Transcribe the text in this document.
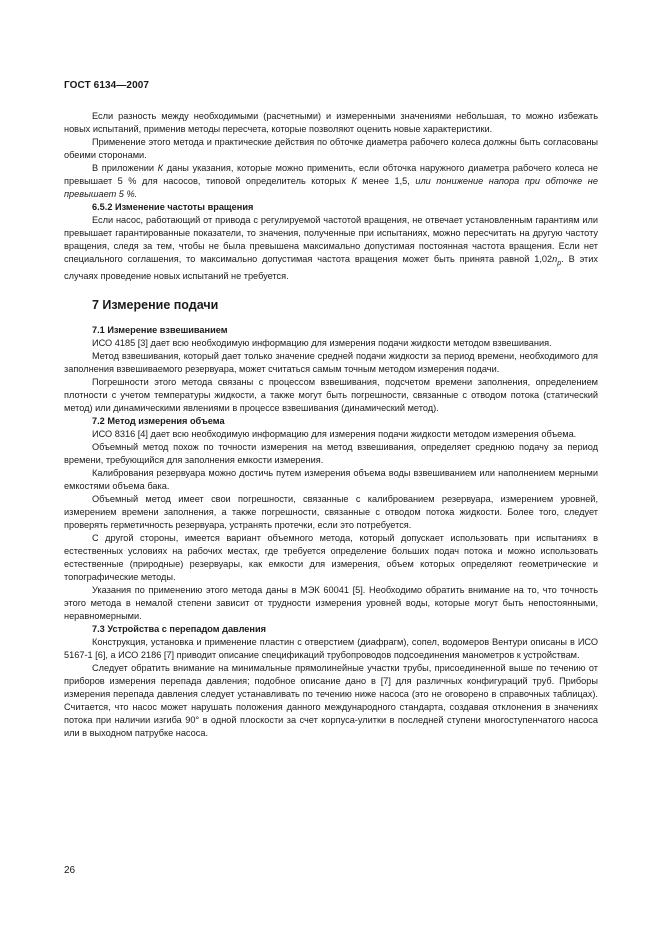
ГОСТ 6134—2007

Если разность между необходимыми (расчетными) и измеренными значениями небольшая, то можно избежать новых испытаний, применив методы пересчета, которые позволяют оценить новые характеристики.

Применение этого метода и практические действия по обточке диаметра рабочего колеса должны быть согласованы обеими сторонами.

В приложении К даны указания, которые можно применить, если обточка наружного диаметра рабочего колеса не превышает 5 % для насосов, типовой определитель которых К менее 1,5, или понижение напора при обточке не превышает 5 %.

6.5.2 Изменение частоты вращения

Если насос, работающий от привода с регулируемой частотой вращения, не отвечает установленным гарантиям или превышает гарантированные показатели, то значения, полученные при испытаниях, можно пересчитать на другую частоту вращения, следя за тем, чтобы не была превышена максимально допустимая постоянная частота вращения. Если нет специального соглашения, то максимально допустимая частота вращения может быть принята равной $1,02n_p$. В этих случаях проведение новых испытаний не требуется.

7 Измерение подачи
7.1 Измерение взвешиванием

ИСО 4185 [3] дает всю необходимую информацию для измерения подачи жидкости методом взвешивания.

Метод взвешивания, который дает только значение средней подачи жидкости за период времени, необходимого для заполнения взвешиваемого резервуара, может считаться самым точным методом измерения подачи.

Погрешности этого метода связаны с процессом взвешивания, подсчетом времени заполнения, определением плотности с учетом температуры жидкости, а также могут быть погрешности, связанные с отводом потока (статический метод) или динамическими явлениями в процессе взвешивания (динамический метод).

7.2 Метод измерения объема

ИСО 8316 [4] дает всю необходимую информацию для измерения подачи жидкости методом измерения объема.

Объемный метод похож по точности измерения на метод взвешивания, определяет среднюю подачу за период времени, требующийся для заполнения емкости измерения.

Калибрования резервуара можно достичь путем измерения объема воды взвешиванием или наполнением мерными емкостями объема бака.

Объемный метод имеет свои погрешности, связанные с калиброванием резервуара, измерением уровней, измерением времени заполнения, а также погрешности, связанные с отводом потока жидкости. Более того, следует проверять герметичность резервуара, устранять протечки, если это потребуется.

С другой стороны, имеется вариант объемного метода, который допускает использовать при испытаниях в естественных условиях на рабочих местах, где требуется определение больших подач потока и можно использовать естественные (природные) резервуары, как емкости для измерения, объем которых определяют геометрические и топографические методы.

Указания по применению этого метода даны в МЭК 60041 [5]. Необходимо обратить внимание на то, что точность этого метода в немалой степени зависит от трудности измерения уровней воды, которые могут быть непостоянными, неравномерными.

7.3 Устройства с перепадом давления

Конструкция, установка и применение пластин с отверстием (диафрагм), сопел, водомеров Вентури описаны в ИСО 5167-1 [6], а ИСО 2186 [7] приводит описание спецификаций трубопроводов подсоединения манометров к устройствам.

Следует обратить внимание на минимальные прямолинейные участки трубы, присоединенной выше по течению от приборов измерения перепада давления; подобное описание дано в [7] для различных конфигураций труб. Приборы измерения перепада давления следует устанавливать по течению ниже насоса (это не оговорено в справочных таблицах). Считается, что насос может нарушать положения данного международного стандарта, создавая отклонения в значениях потока при наличии изгиба 90° в одной плоскости за счет корпуса-улитки в последней ступени многоступенчатого насоса или в выходном патрубке насоса.

26
